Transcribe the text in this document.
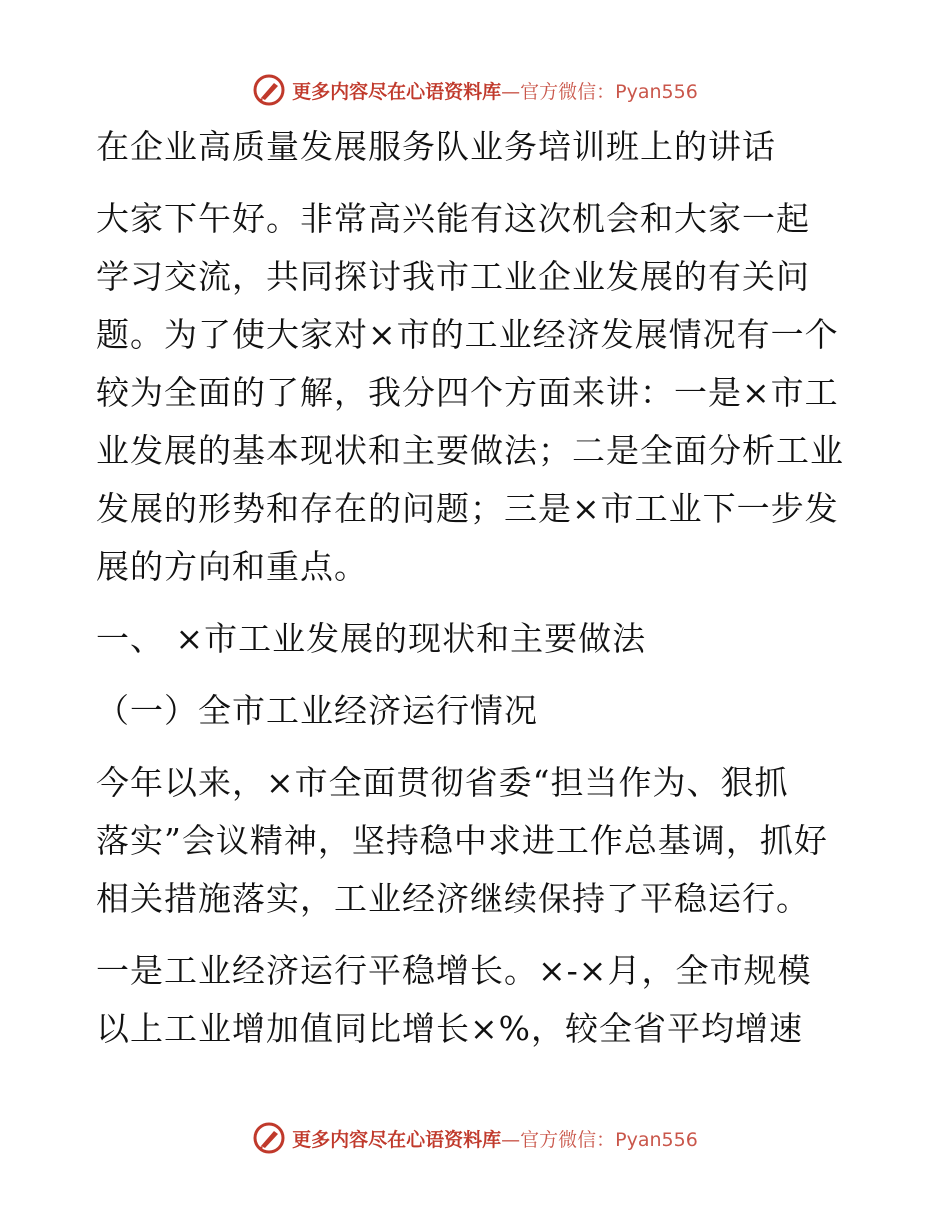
更多内容尽在心语资料库 —官方微信：Pyan556
在企业高质量发展服务队业务培训班上的讲话
大家下午好。非常高兴能有这次机会和大家一起
学习交流，共同探讨我市工业企业发展的有关问
题。为了使大家对×市的工业经济发展情况有一个
较为全面的了解，我分四个方面来讲：一是×市工
业发展的基本现状和主要做法；二是全面分析工业
发展的形势和存在的问题；三是×市工业下一步发
展的方向和重点。
一、 ×市工业发展的现状和主要做法
（一）全市工业经济运行情况
今年以来，×市全面贯彻省委“担当作为、狠抓
落实”会议精神，坚持稳中求进工作总基调，抓好
相关措施落实，工业经济继续保持了平稳运行。
一是工业经济运行平稳增长。×-×月，全市规模
以上工业增加值同比增长×%，较全省平均增速
更多内容尽在心语资料库 —官方微信：Pyan556
